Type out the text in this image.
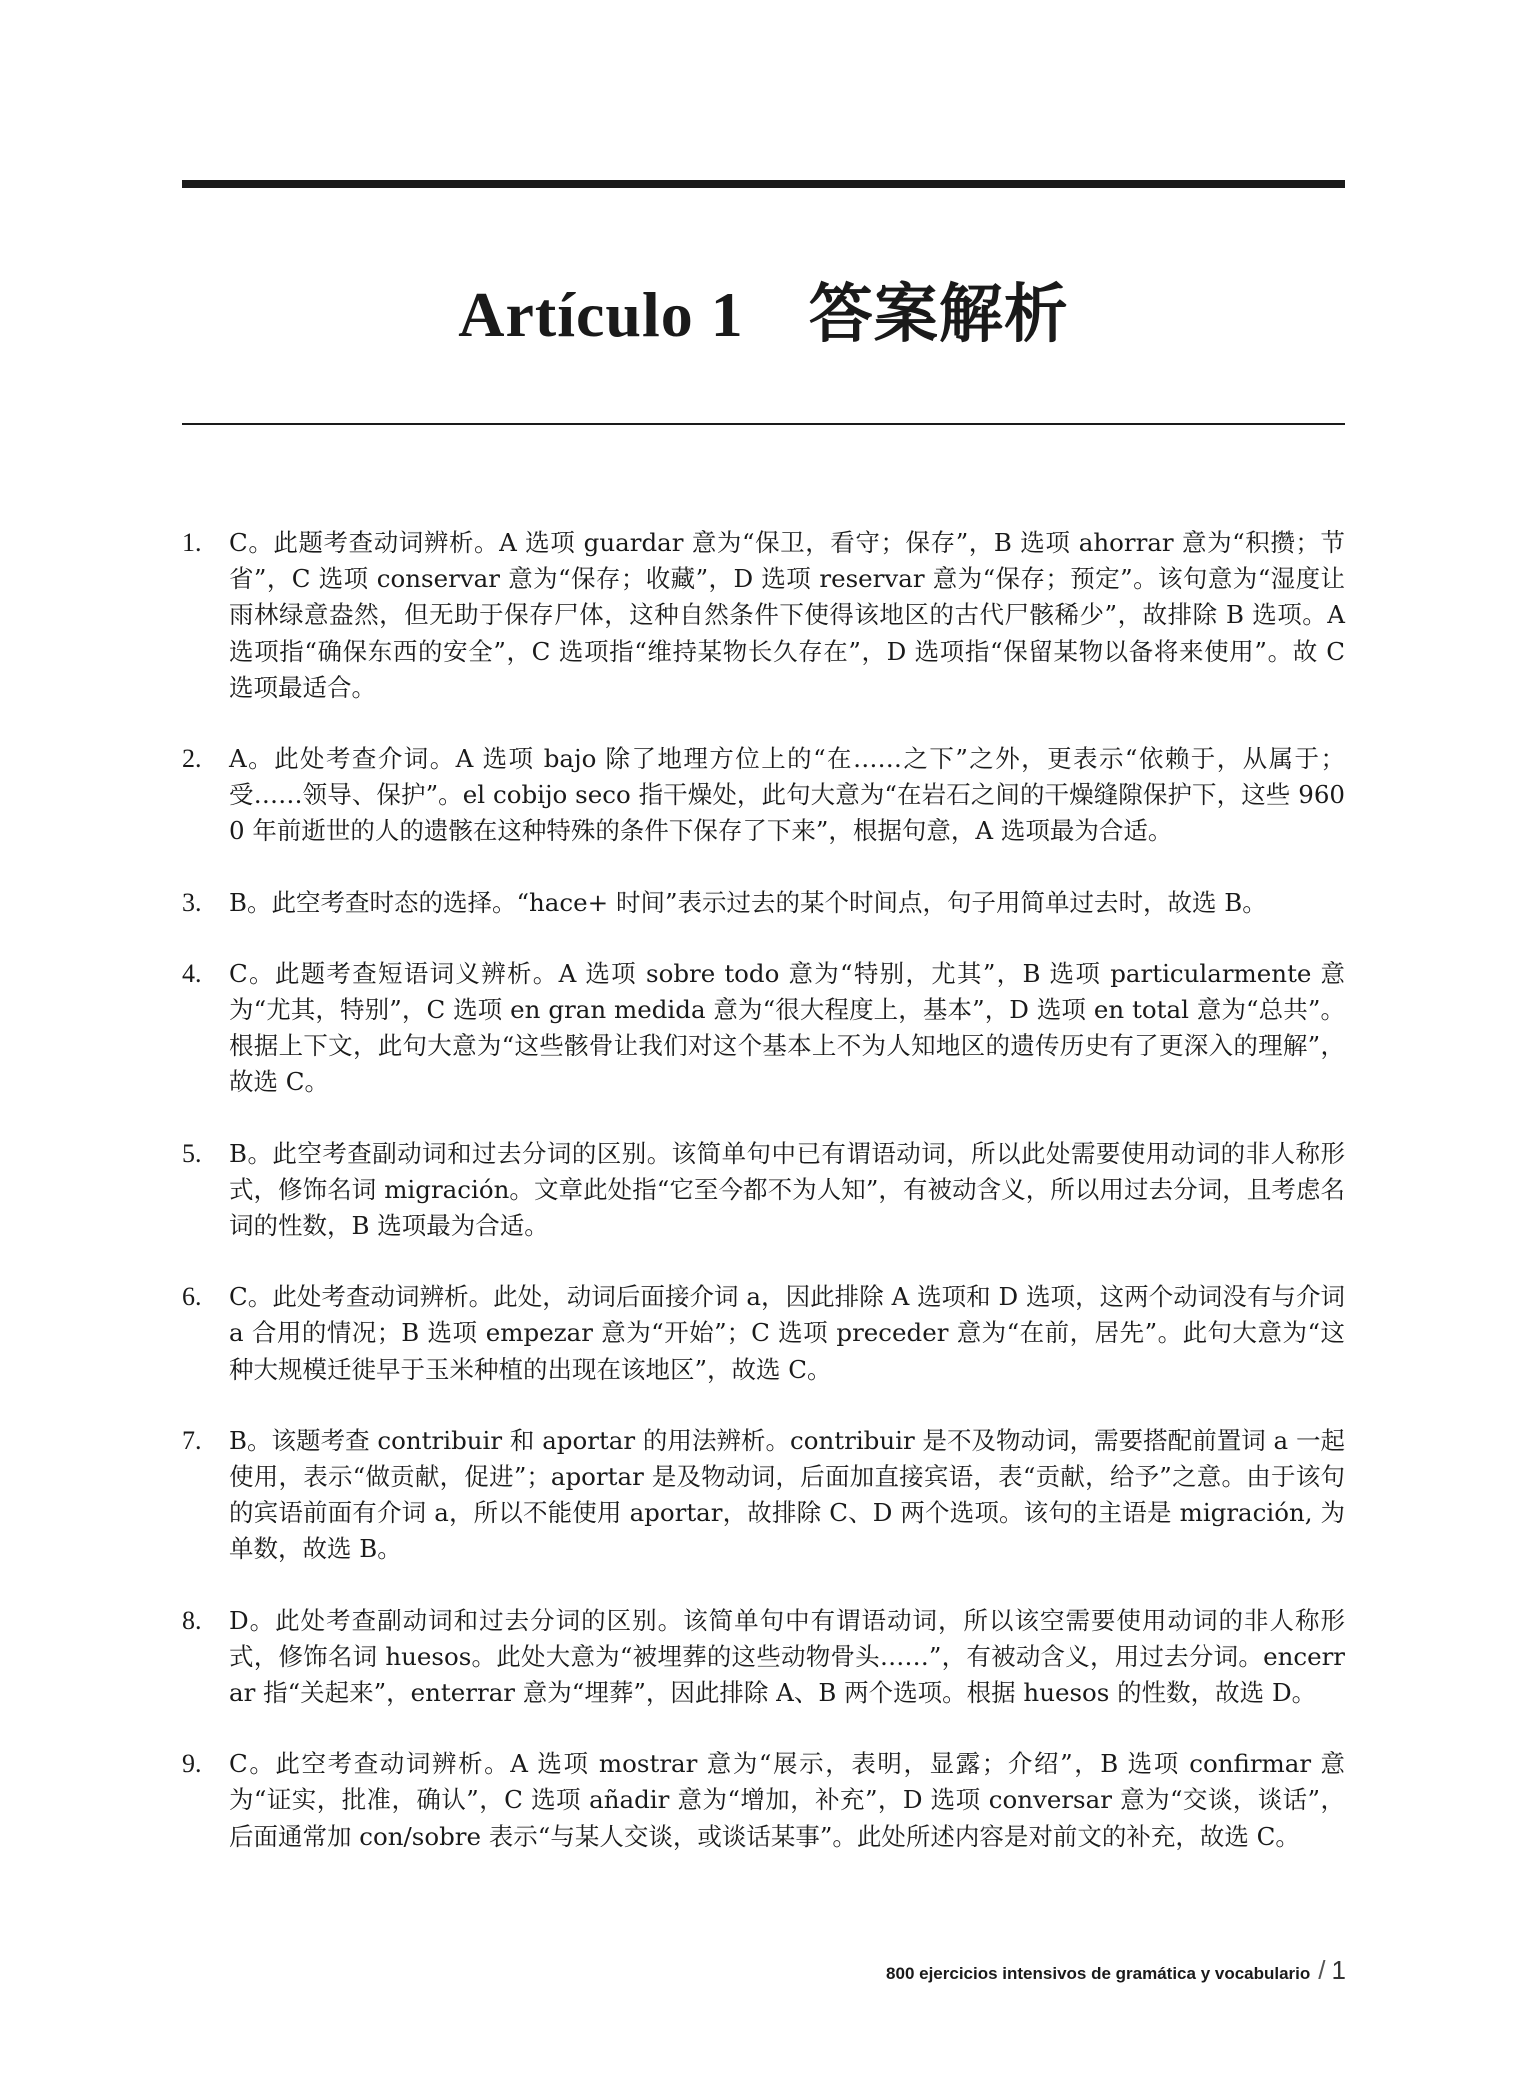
Artículo 1　答案解析
1.	C。此题考查动词辨析。A 选项 guardar 意为“保卫，看守；保存”，B 选项 ahorrar 意为“积攒；节省”，C 选项 conservar 意为“保存；收藏”，D 选项 reservar 意为“保存；预定”。该句意为“湿度让雨林绿意盎然，但无助于保存尸体，这种自然条件下使得该地区的古代尸骸稀少”，故排除 B 选项。A 选项指“确保东西的安全”，C 选项指“维持某物长久存在”，D 选项指“保留某物以备将来使用”。故 C 选项最适合。
2.	A。此处考查介词。A 选项 bajo 除了地理方位上的“在……之下”之外，更表示“依赖于，从属于；受……领导、保护”。el cobijo seco 指干燥处，此句大意为“在岩石之间的干燥缝隙保护下，这些 9600 年前逝世的人的遗骸在这种特殊的条件下保存了下来”，根据句意，A 选项最为合适。
3.	B。此空考查时态的选择。“hace+ 时间”表示过去的某个时间点，句子用简单过去时，故选 B。
4.	C。此题考查短语词义辨析。A 选项 sobre todo 意为“特别，尤其”，B 选项 particularmente 意为“尤其，特别”，C 选项 en gran medida 意为“很大程度上，基本”，D 选项 en total 意为“总共”。根据上下文，此句大意为“这些骸骨让我们对这个基本上不为人知地区的遗传历史有了更深入的理解”，故选 C。
5.	B。此空考查副动词和过去分词的区别。该简单句中已有谓语动词，所以此处需要使用动词的非人称形式，修饰名词 migración。文章此处指“它至今都不为人知”，有被动含义，所以用过去分词，且考虑名词的性数，B 选项最为合适。
6.	C。此处考查动词辨析。此处，动词后面接介词 a，因此排除 A 选项和 D 选项，这两个动词没有与介词 a 合用的情况；B 选项 empezar 意为“开始”；C 选项 preceder 意为“在前，居先”。此句大意为“这种大规模迁徙早于玉米种植的出现在该地区”，故选 C。
7.	B。该题考查 contribuir 和 aportar 的用法辨析。contribuir 是不及物动词，需要搭配前置词 a 一起使用，表示“做贡献，促进”；aportar 是及物动词，后面加直接宾语，表“贡献，给予”之意。由于该句的宾语前面有介词 a，所以不能使用 aportar，故排除 C、D 两个选项。该句的主语是 migración, 为单数，故选 B。
8.	D。此处考查副动词和过去分词的区别。该简单句中有谓语动词，所以该空需要使用动词的非人称形式，修饰名词 huesos。此处大意为“被埋葬的这些动物骨头……”，有被动含义，用过去分词。encerrar 指“关起来”，enterrar 意为“埋葬”，因此排除 A、B 两个选项。根据 huesos 的性数，故选 D。
9.	C。此空考查动词辨析。A 选项 mostrar 意为“展示，表明，显露；介绍”，B 选项 confirmar 意为“证实，批准，确认”，C 选项 añadir 意为“增加，补充”，D 选项 conversar 意为“交谈，谈话”，后面通常加 con/sobre 表示“与某人交谈，或谈话某事”。此处所述内容是对前文的补充，故选 C。
800 ejercicios intensivos de gramática y vocabulario / 1
